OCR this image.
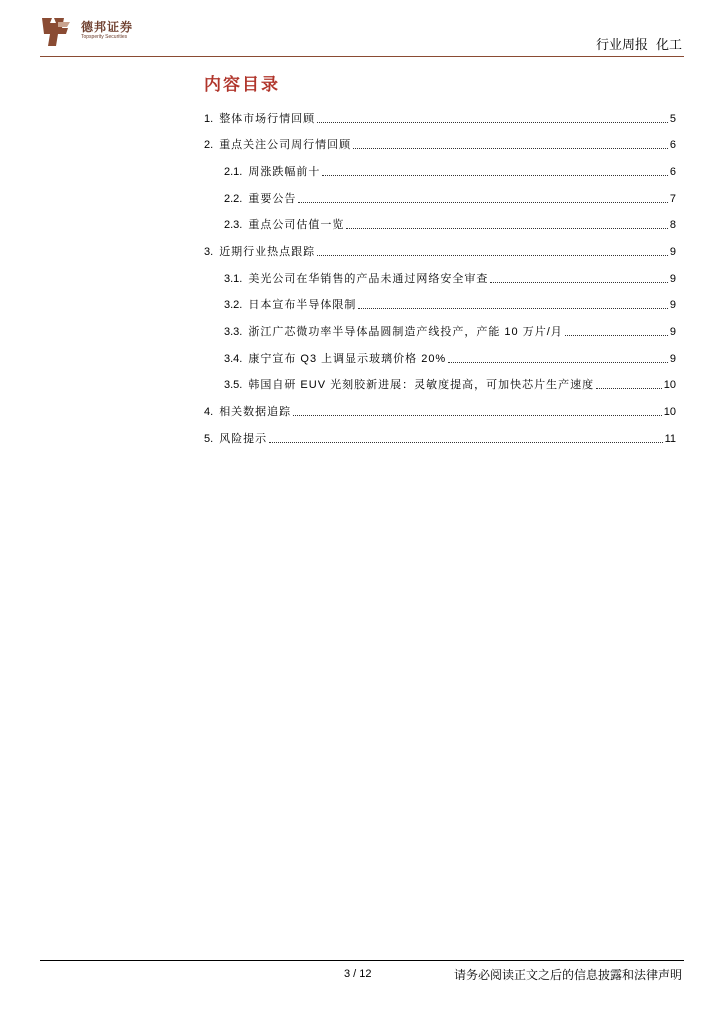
德邦证券
Topsperity Securities	行业周报 化工
内容目录
1. 整体市场行情回顾	5
2. 重点关注公司周行情回顾	6
2.1. 周涨跌幅前十	6
2.2. 重要公告	7
2.3. 重点公司估值一览	8
3. 近期行业热点跟踪	9
3.1. 美光公司在华销售的产品未通过网络安全审查	9
3.2. 日本宣布半导体限制	9
3.3. 浙江广芯微功率半导体晶圆制造产线投产，产能 10 万片/月	9
3.4. 康宁宣布 Q3 上调显示玻璃价格 20%	9
3.5. 韩国自研 EUV 光刻胶新进展：灵敏度提高，可加快芯片生产速度	10
4. 相关数据追踪	10
5. 风险提示	11
3 / 12	请务必阅读正文之后的信息披露和法律声明
